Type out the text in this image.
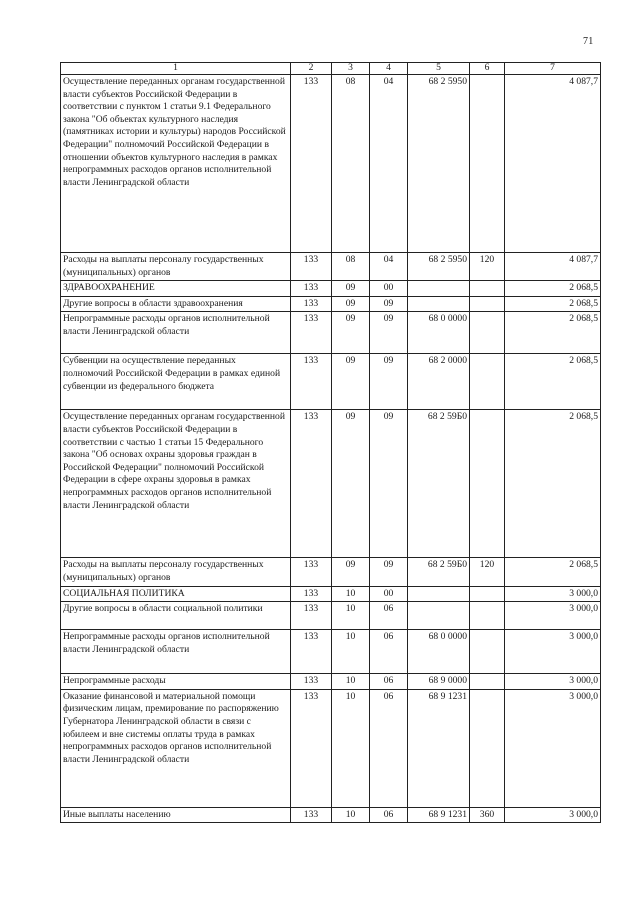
71
1	2	3	4	5	6	7
Осуществление переданных органам государственной власти субъектов Российской Федерации в соответствии с пунктом 1 статьи 9.1 Федерального закона "Об объектах культурного наследия (памятниках истории и культуры) народов Российской Федерации" полномочий Российской Федерации в отношении объектов культурного наследия в рамках непрограммных расходов органов исполнительной власти Ленинградской области	133	08	04	68 2 5950		4 087,7
Расходы на выплаты персоналу государственных (муниципальных) органов	133	08	04	68 2 5950	120	4 087,7
ЗДРАВООХРАНЕНИЕ	133	09	00			2 068,5
Другие вопросы в области здравоохранения	133	09	09			2 068,5
Непрограммные расходы органов исполнительной власти Ленинградской области	133	09	09	68 0 0000		2 068,5
Субвенции на осуществление переданных полномочий Российской Федерации в рамках единой субвенции из федерального бюджета	133	09	09	68 2 0000		2 068,5
Осуществление переданных органам государственной власти субъектов Российской Федерации в соответствии с частью 1 статьи 15 Федерального закона "Об основах охраны здоровья граждан в Российской Федерации" полномочий Российской Федерации в сфере охраны здоровья в рамках непрограммных расходов органов исполнительной власти Ленинградской области	133	09	09	68 2 59Б0		2 068,5
Расходы на выплаты персоналу государственных (муниципальных) органов	133	09	09	68 2 59Б0	120	2 068,5
СОЦИАЛЬНАЯ ПОЛИТИКА	133	10	00			3 000,0
Другие вопросы в области социальной политики	133	10	06			3 000,0
Непрограммные расходы органов исполнительной власти Ленинградской области	133	10	06	68 0 0000		3 000,0
Непрограммные расходы	133	10	06	68 9 0000		3 000,0
Оказание финансовой и материальной помощи физическим лицам, премирование по распоряжению Губернатора Ленинградской области в связи с юбилеем и вне системы оплаты труда в рамках непрограммных расходов органов исполнительной власти Ленинградской области	133	10	06	68 9 1231		3 000,0
Иные выплаты населению	133	10	06	68 9 1231	360	3 000,0
